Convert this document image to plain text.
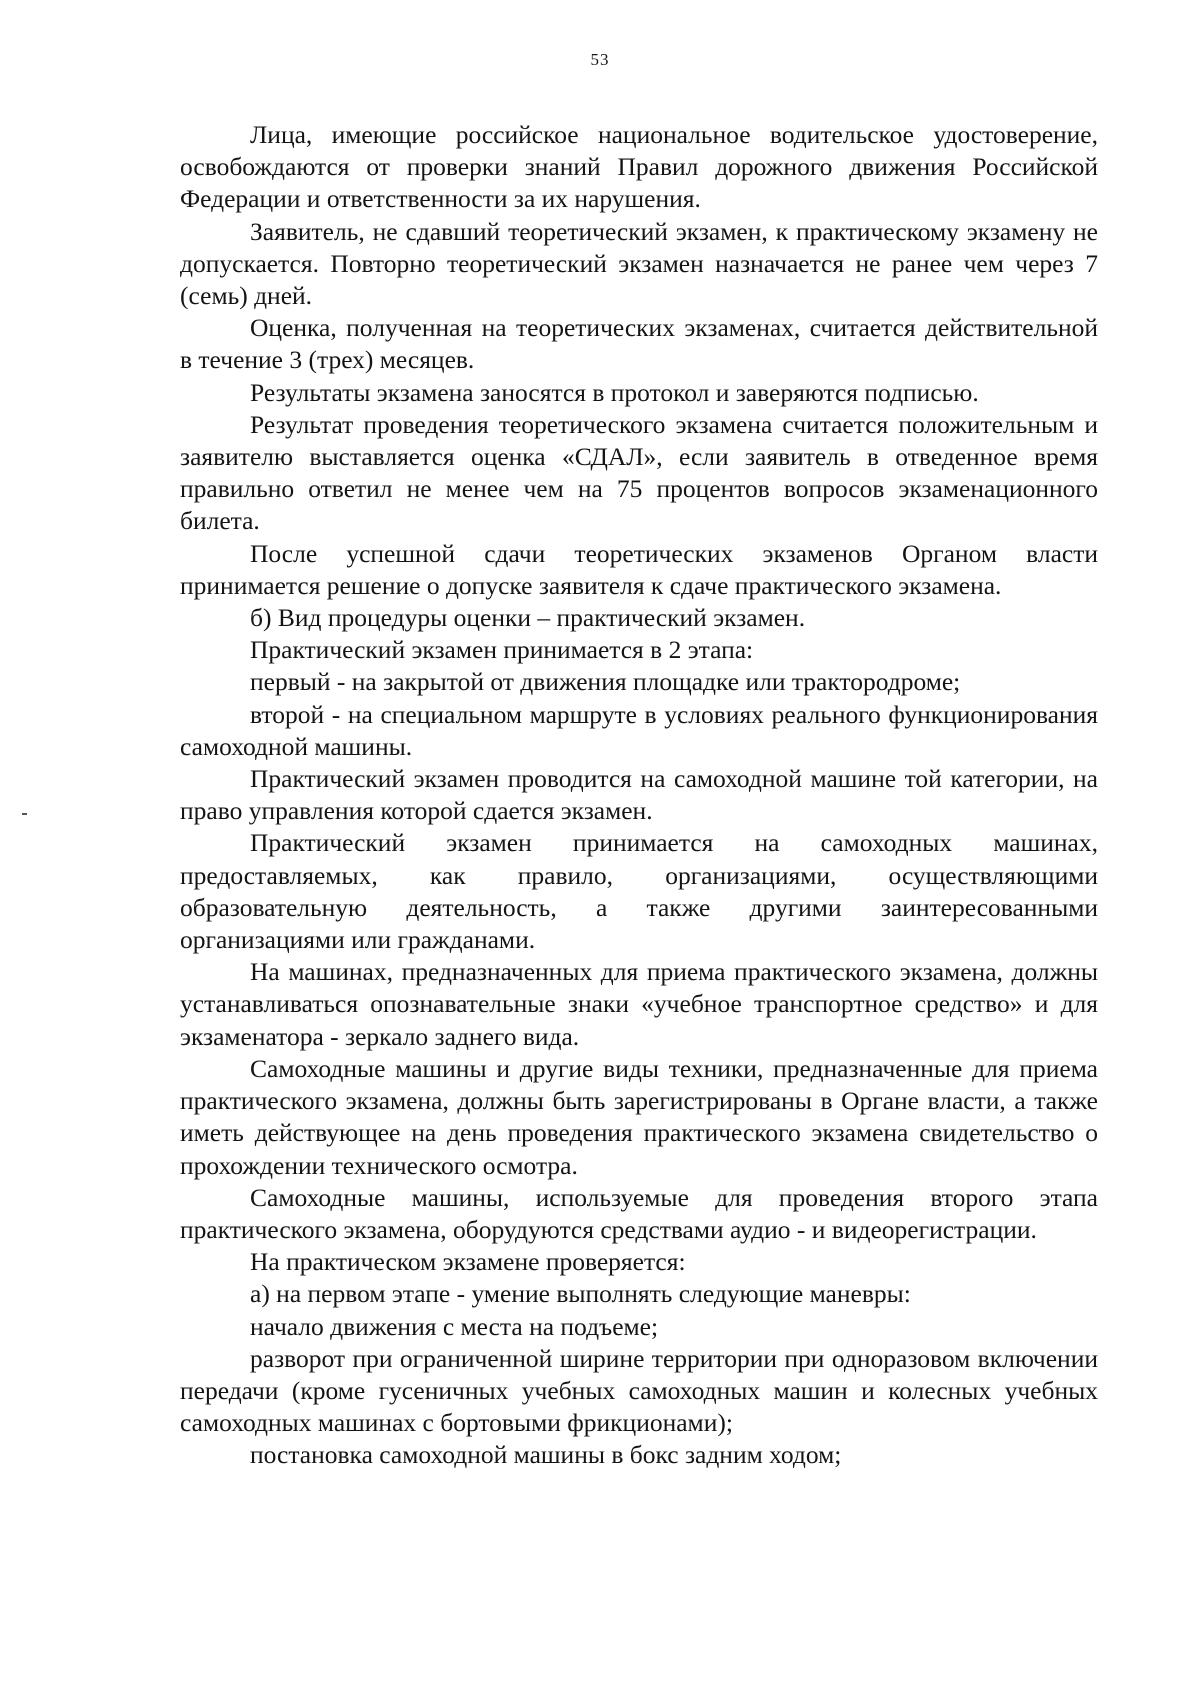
53

Лица, имеющие российское национальное водительское удостоверение, освобождаются от проверки знаний Правил дорожного движения Российской Федерации и ответственности за их нарушения.

Заявитель, не сдавший теоретический экзамен, к практическому экзамену не допускается. Повторно теоретический экзамен назначается не ранее чем через 7 (семь) дней.

Оценка, полученная на теоретических экзаменах, считается действительной в течение 3 (трех) месяцев.

Результаты экзамена заносятся в протокол и заверяются подписью.

Результат проведения теоретического экзамена считается положительным и заявителю выставляется оценка «СДАЛ», если заявитель в отведенное время правильно ответил не менее чем на 75 процентов вопросов экзаменационного билета.

После успешной сдачи теоретических экзаменов Органом власти принимается решение о допуске заявителя к сдаче практического экзамена.

б) Вид процедуры оценки – практический экзамен.

Практический экзамен принимается в 2 этапа:

первый - на закрытой от движения площадке или трактородроме;

второй - на специальном маршруте в условиях реального функционирования самоходной машины.

Практический экзамен проводится на самоходной машине той категории, на право управления которой сдается экзамен.

Практический экзамен принимается на самоходных машинах, предоставляемых, как правило, организациями, осуществляющими образовательную деятельность, а также другими заинтересованными организациями или гражданами.

На машинах, предназначенных для приема практического экзамена, должны устанавливаться опознавательные знаки «учебное транспортное средство» и для экзаменатора - зеркало заднего вида.

Самоходные машины и другие виды техники, предназначенные для приема практического экзамена, должны быть зарегистрированы в Органе власти, а также иметь действующее на день проведения практического экзамена свидетельство о прохождении технического осмотра.

Самоходные машины, используемые для проведения второго этапа практического экзамена, оборудуются средствами аудио - и видеорегистрации.

На практическом экзамене проверяется:

а) на первом этапе - умение выполнять следующие маневры:

начало движения с места на подъеме;

разворот при ограниченной ширине территории при одноразовом включении передачи (кроме гусеничных учебных самоходных машин и колесных учебных самоходных машинах с бортовыми фрикционами);

постановка самоходной машины в бокс задним ходом;
